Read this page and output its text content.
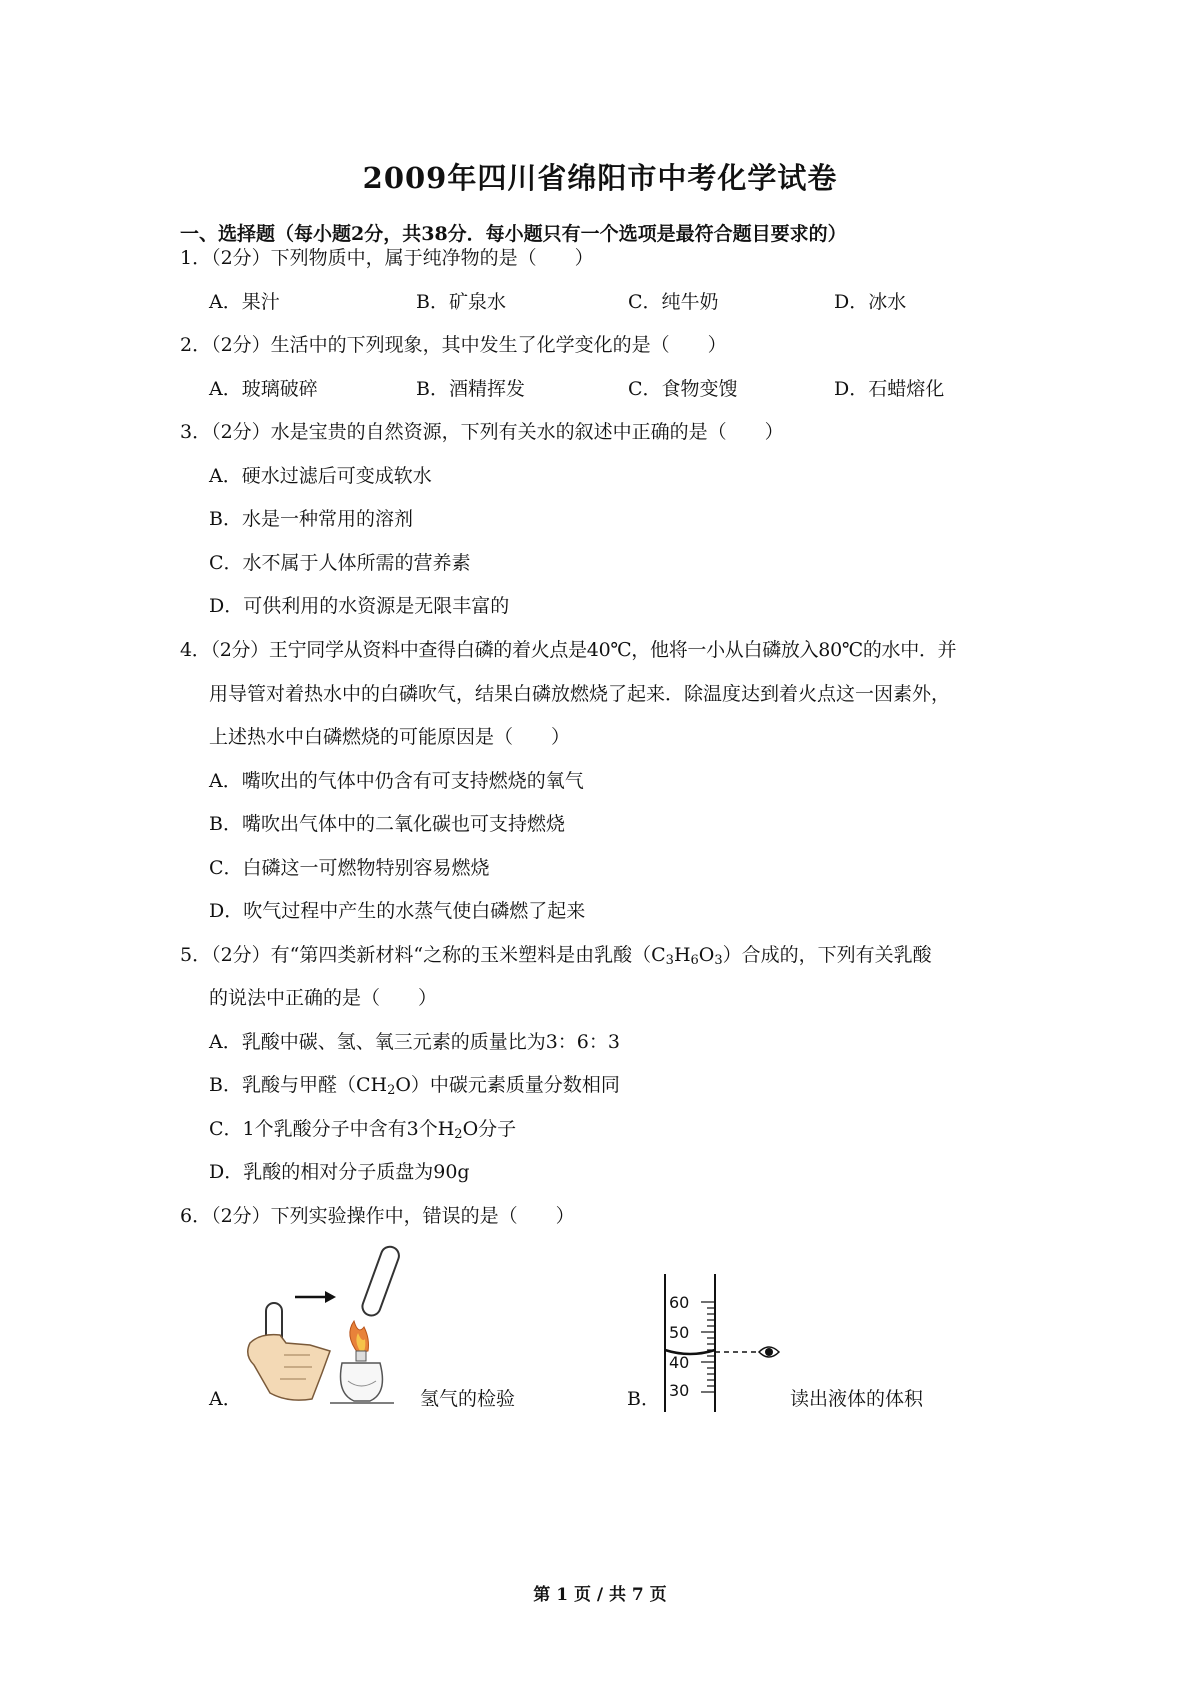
2009年四川省绵阳市中考化学试卷
一、选择题（每小题2分，共38分．每小题只有一个选项是最符合题目要求的）
1．（2分）下列物质中，属于纯净物的是（　　）
A．果汁	B．矿泉水	C．纯牛奶	D．冰水
2．（2分）生活中的下列现象，其中发生了化学变化的是（　　）
A．玻璃破碎	B．酒精挥发	C．食物变馊	D．石蜡熔化
3．（2分）水是宝贵的自然资源，下列有关水的叙述中正确的是（　　）
A．硬水过滤后可变成软水
B．水是一种常用的溶剂
C．水不属于人体所需的营养素
D．可供利用的水资源是无限丰富的
4．（2分）王宁同学从资料中查得白磷的着火点是40℃，他将一小从白磷放入80℃的水中．并
用导管对着热水中的白磷吹气，结果白磷放燃烧了起来．除温度达到着火点这一因素外，
上述热水中白磷燃烧的可能原因是（　　）
A．嘴吹出的气体中仍含有可支持燃烧的氧气
B．嘴吹出气体中的二氧化碳也可支持燃烧
C．白磷这一可燃物特别容易燃烧
D．吹气过程中产生的水蒸气使白磷燃了起来
5．（2分）有“第四类新材料“之称的玉米塑料是由乳酸$(C_3H_6O_3)$合成的，下列有关乳酸
的说法中正确的是（　　）
A．乳酸中碳、氢、氧三元素的质量比为3：6：3
B．乳酸与甲醛$(CH_2O)$中碳元素质量分数相同
C．1个乳酸分子中含有3个$H_2O$分子
D．乳酸的相对分子质盘为90g
6．（2分）下列实验操作中，错误的是（　　）
A．	氢气的检验	B．
60
50
40
30	读出液体的体积
第 1 页 / 共 7 页
